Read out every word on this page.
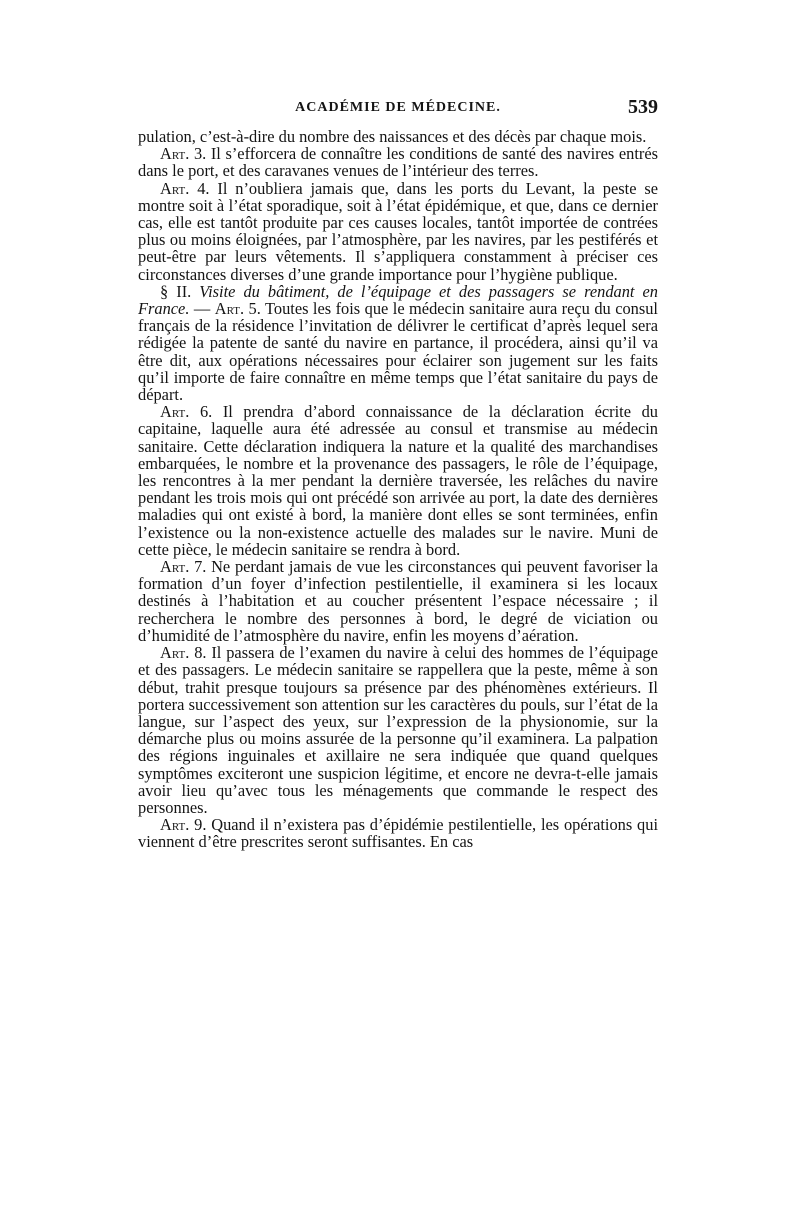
ACADÉMIE DE MÉDECINE.	539

pulation, c’est-à-dire du nombre des naissances et des décès par chaque mois.

Art. 3. Il s’efforcera de connaître les conditions de santé des navires entrés dans le port, et des caravanes venues de l’intérieur des terres.

Art. 4. Il n’oubliera jamais que, dans les ports du Levant, la peste se montre soit à l’état sporadique, soit à l’état épidémique, et que, dans ce dernier cas, elle est tantôt produite par ces causes locales, tantôt importée de contrées plus ou moins éloignées, par l’atmosphère, par les navires, par les pestiférés et peut-être par leurs vêtements. Il s’appliquera constamment à préciser ces circonstances diverses d’une grande importance pour l’hygiène publique.

§ II. Visite du bâtiment, de l’équipage et des passagers se rendant en France. — Art. 5. Toutes les fois que le médecin sanitaire aura reçu du consul français de la résidence l’invitation de délivrer le certificat d’après lequel sera rédigée la patente de santé du navire en partance, il procédera, ainsi qu’il va être dit, aux opérations nécessaires pour éclairer son jugement sur les faits qu’il importe de faire connaître en même temps que l’état sanitaire du pays de départ.

Art. 6. Il prendra d’abord connaissance de la déclaration écrite du capitaine, laquelle aura été adressée au consul et transmise au médecin sanitaire. Cette déclaration indiquera la nature et la qualité des marchandises embarquées, le nombre et la provenance des passagers, le rôle de l’équipage, les rencontres à la mer pendant la dernière traversée, les relâches du navire pendant les trois mois qui ont précédé son arrivée au port, la date des dernières maladies qui ont existé à bord, la manière dont elles se sont terminées, enfin l’existence ou la non-existence actuelle des malades sur le navire. Muni de cette pièce, le médecin sanitaire se rendra à bord.

Art. 7. Ne perdant jamais de vue les circonstances qui peuvent favoriser la formation d’un foyer d’infection pestilentielle, il examinera si les locaux destinés à l’habitation et au coucher présentent l’espace nécessaire ; il recherchera le nombre des personnes à bord, le degré de viciation ou d’humidité de l’atmosphère du navire, enfin les moyens d’aération.

Art. 8. Il passera de l’examen du navire à celui des hommes de l’équipage et des passagers. Le médecin sanitaire se rappellera que la peste, même à son début, trahit presque toujours sa présence par des phénomènes extérieurs. Il portera successivement son attention sur les caractères du pouls, sur l’état de la langue, sur l’aspect des yeux, sur l’expression de la physionomie, sur la démarche plus ou moins assurée de la personne qu’il examinera. La palpation des régions inguinales et axillaire ne sera indiquée que quand quelques symptômes exciteront une suspicion légitime, et encore ne devra-t-elle jamais avoir lieu qu’avec tous les ménagements que commande le respect des personnes.

Art. 9. Quand il n’existera pas d’épidémie pestilentielle, les opérations qui viennent d’être prescrites seront suffisantes. En cas
